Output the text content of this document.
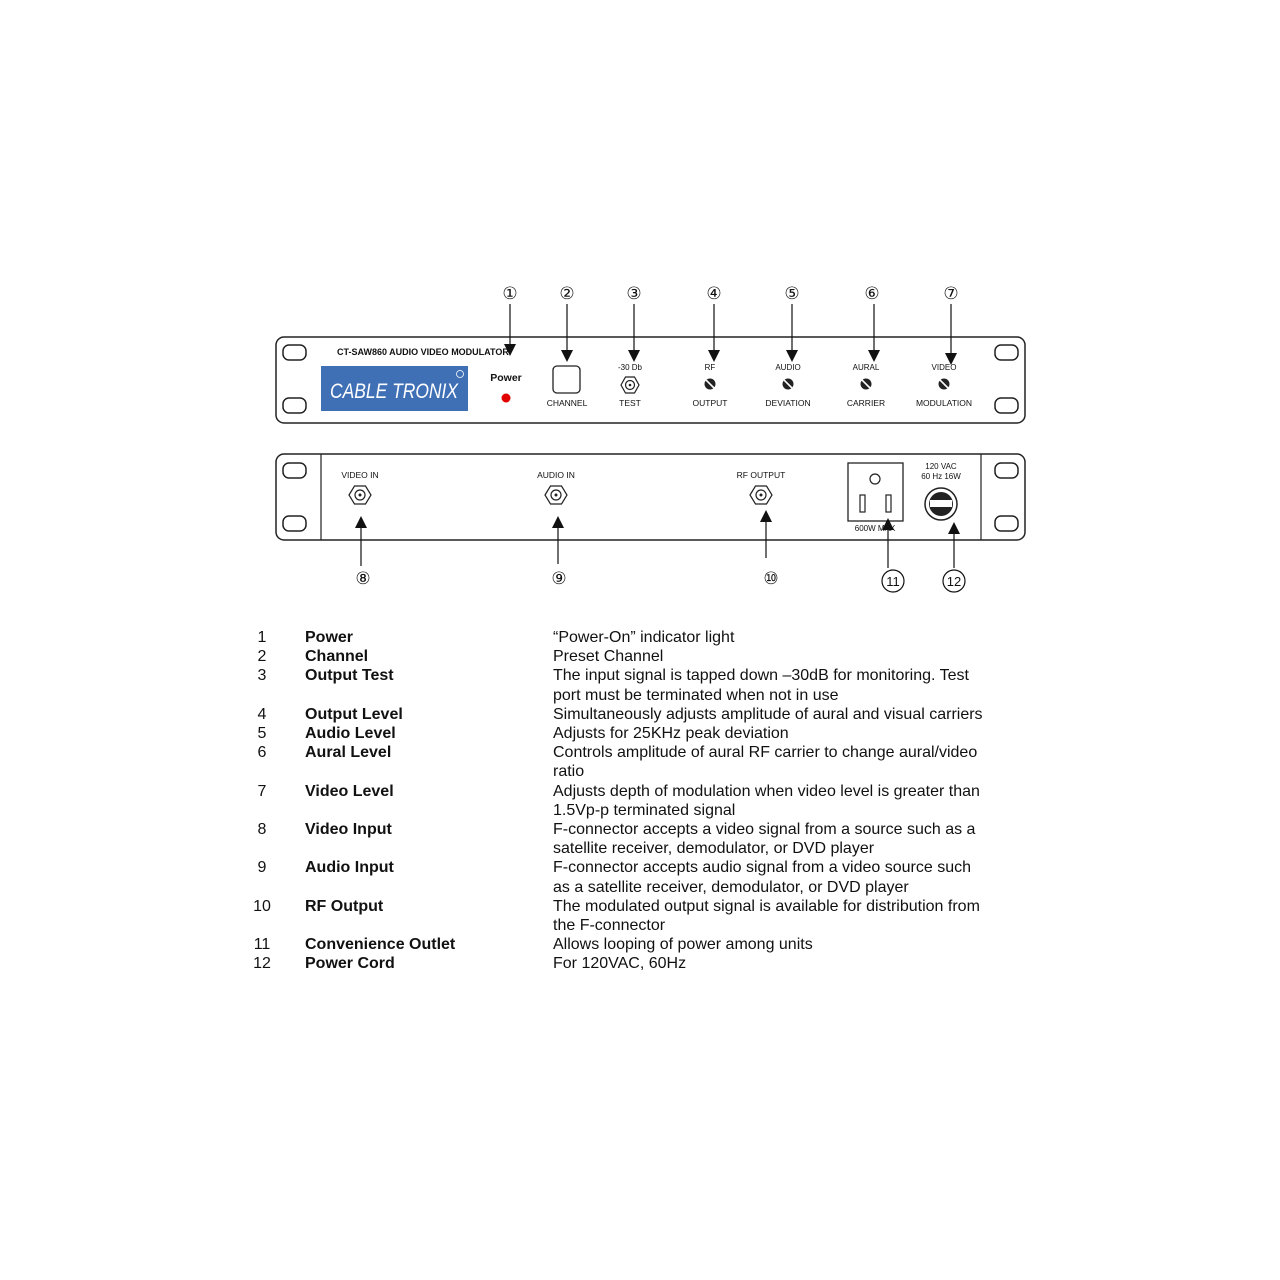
CT-SAW860 AUDIO VIDEO MODULATOR
CABLE TRONIX
Power
CHANNEL
-30 Db
TEST
RF
OUTPUT
AUDIO
DEVIATION
AURAL
CARRIER
VIDEO
MODULATION
① ②	③	④	⑤	⑥	⑦
VIDEO IN	AUDIO IN	RF OUTPUT
600W MAX
120 VAC
60 Hz 16W
⑧	⑨	⑩	11	12
1	Power	“Power-On” indicator light
2	Channel	Preset Channel
3	Output Test	The input signal is tapped down –30dB for monitoring. Test port must be terminated when not in use
4	Output Level	Simultaneously adjusts amplitude of aural and visual carriers
5	Audio Level	Adjusts for 25KHz peak deviation
6	Aural Level	Controls amplitude of aural RF carrier to change aural/video ratio
7	Video Level	Adjusts depth of modulation when video level is greater than 1.5Vp-p terminated signal
8	Video Input	F-connector accepts a video signal from a source such as a satellite receiver, demodulator, or DVD player
9	Audio Input	F-connector accepts audio signal from a video source such as a satellite receiver, demodulator, or DVD player
10	RF Output	The modulated output signal is available for distribution from the F-connector
11	Convenience Outlet	Allows looping of power among units
12	Power Cord	For 120VAC, 60Hz
